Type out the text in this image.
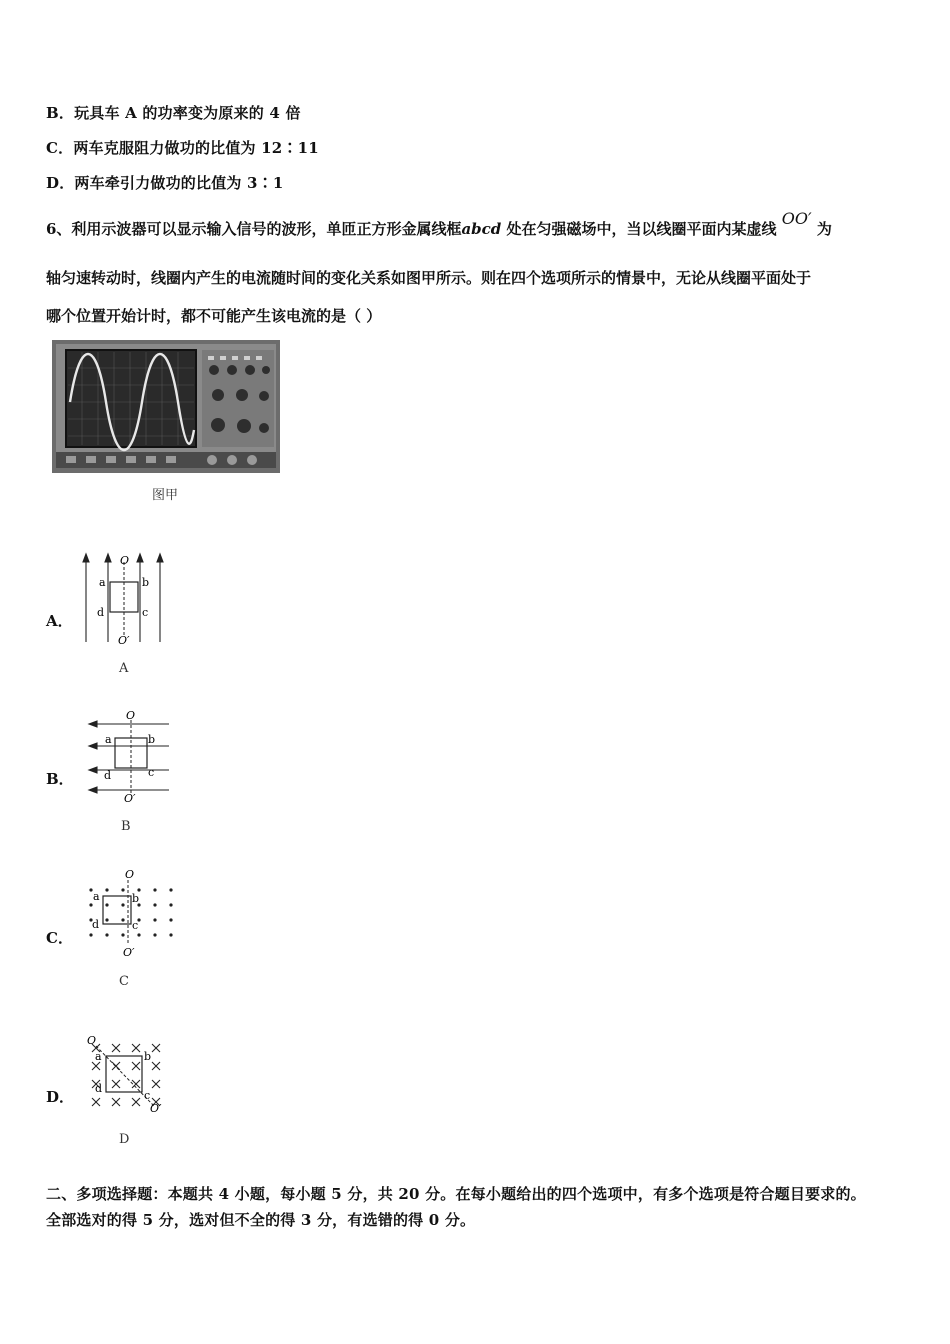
B．玩具车 A 的功率变为原来的 4 倍
C．两车克服阻力做功的比值为 12∶11
D．两车牵引力做功的比值为 3∶1
6、利用示波器可以显示输入信号的波形，单匝正方形金属线框abcd 处在匀强磁场中，当以线圈平面内某虚线 OO′ 为
轴匀速转动时，线圈内产生的电流随时间的变化关系如图甲所示。则在四个选项所示的情景中，无论从线圈平面处于
哪个位置开始计时，都不可能产生该电流的是（ ）
图甲
A．
O
O′
a	b
c
d
A
B．
O
O′
a	b
c
d
B
C．
O
O′
a	b
c
d
C
D．
O
O′
a	b
c
d
D
二、多项选择题：本题共 4 小题，每小题 5 分，共 20 分。在每小题给出的四个选项中，有多个选项是符合题目要求的。
全部选对的得 5 分，选对但不全的得 3 分，有选错的得 0 分。
